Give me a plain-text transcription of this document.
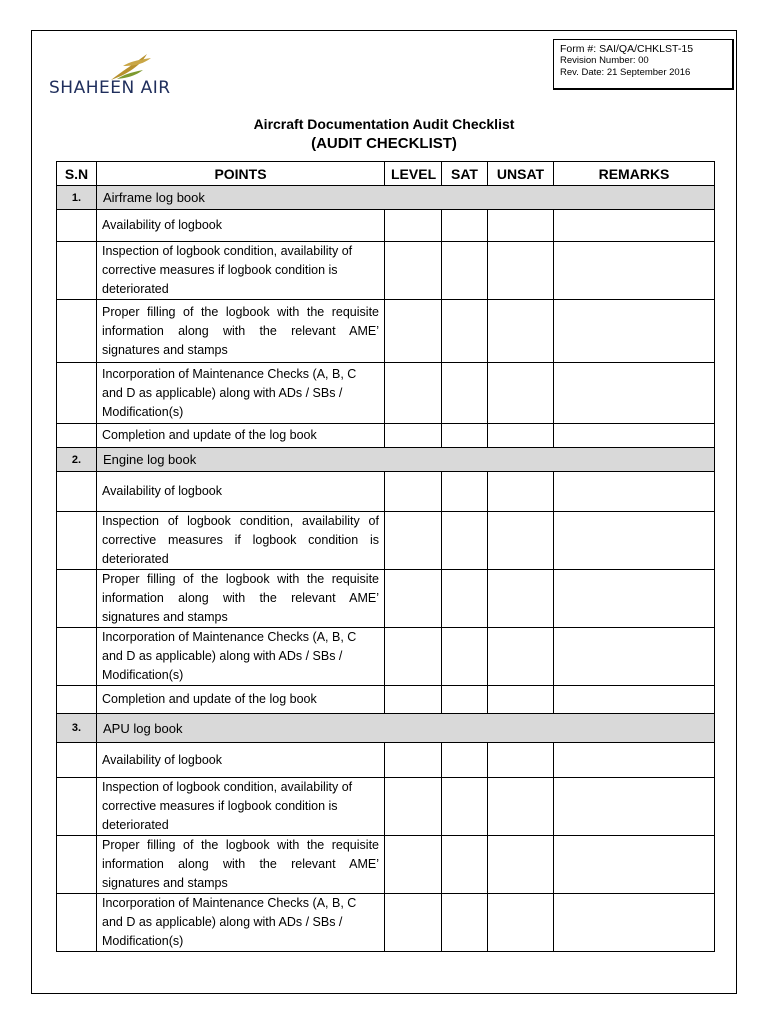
SHAHEEN AIR
Form #: SAI/QA/CHKLST-15
Revision Number: 00
Rev. Date: 21 September 2016
Aircraft Documentation Audit Checklist
(AUDIT CHECKLIST)
S.N	POINTS	LEVEL	SAT	UNSAT	REMARKS
1.	Airframe log book				
	Availability of logbook				
	Inspection of logbook condition, availability of corrective measures if logbook condition is deteriorated				
	Proper filling of the logbook with the requisite information along with the relevant AME’ signatures and stamps				
	Incorporation of Maintenance Checks (A, B, C and D as applicable) along with ADs / SBs / Modification(s)				
	Completion and update of the log book				
2.	Engine log book				
	Availability of logbook				
	Inspection of logbook condition, availability of corrective measures if logbook condition is deteriorated				
	Proper filling of the logbook with the requisite information along with the relevant AME’ signatures and stamps				
	Incorporation of Maintenance Checks (A, B, C and D as applicable) along with ADs / SBs / Modification(s)				
	Completion and update of the log book				
3.	APU log book				
	Availability of logbook				
	Inspection of logbook condition, availability of corrective measures if logbook condition is deteriorated				
	Proper filling of the logbook with the requisite information along with the relevant AME’ signatures and stamps				
	Incorporation of Maintenance Checks (A, B, C and D as applicable) along with ADs / SBs / Modification(s)				
